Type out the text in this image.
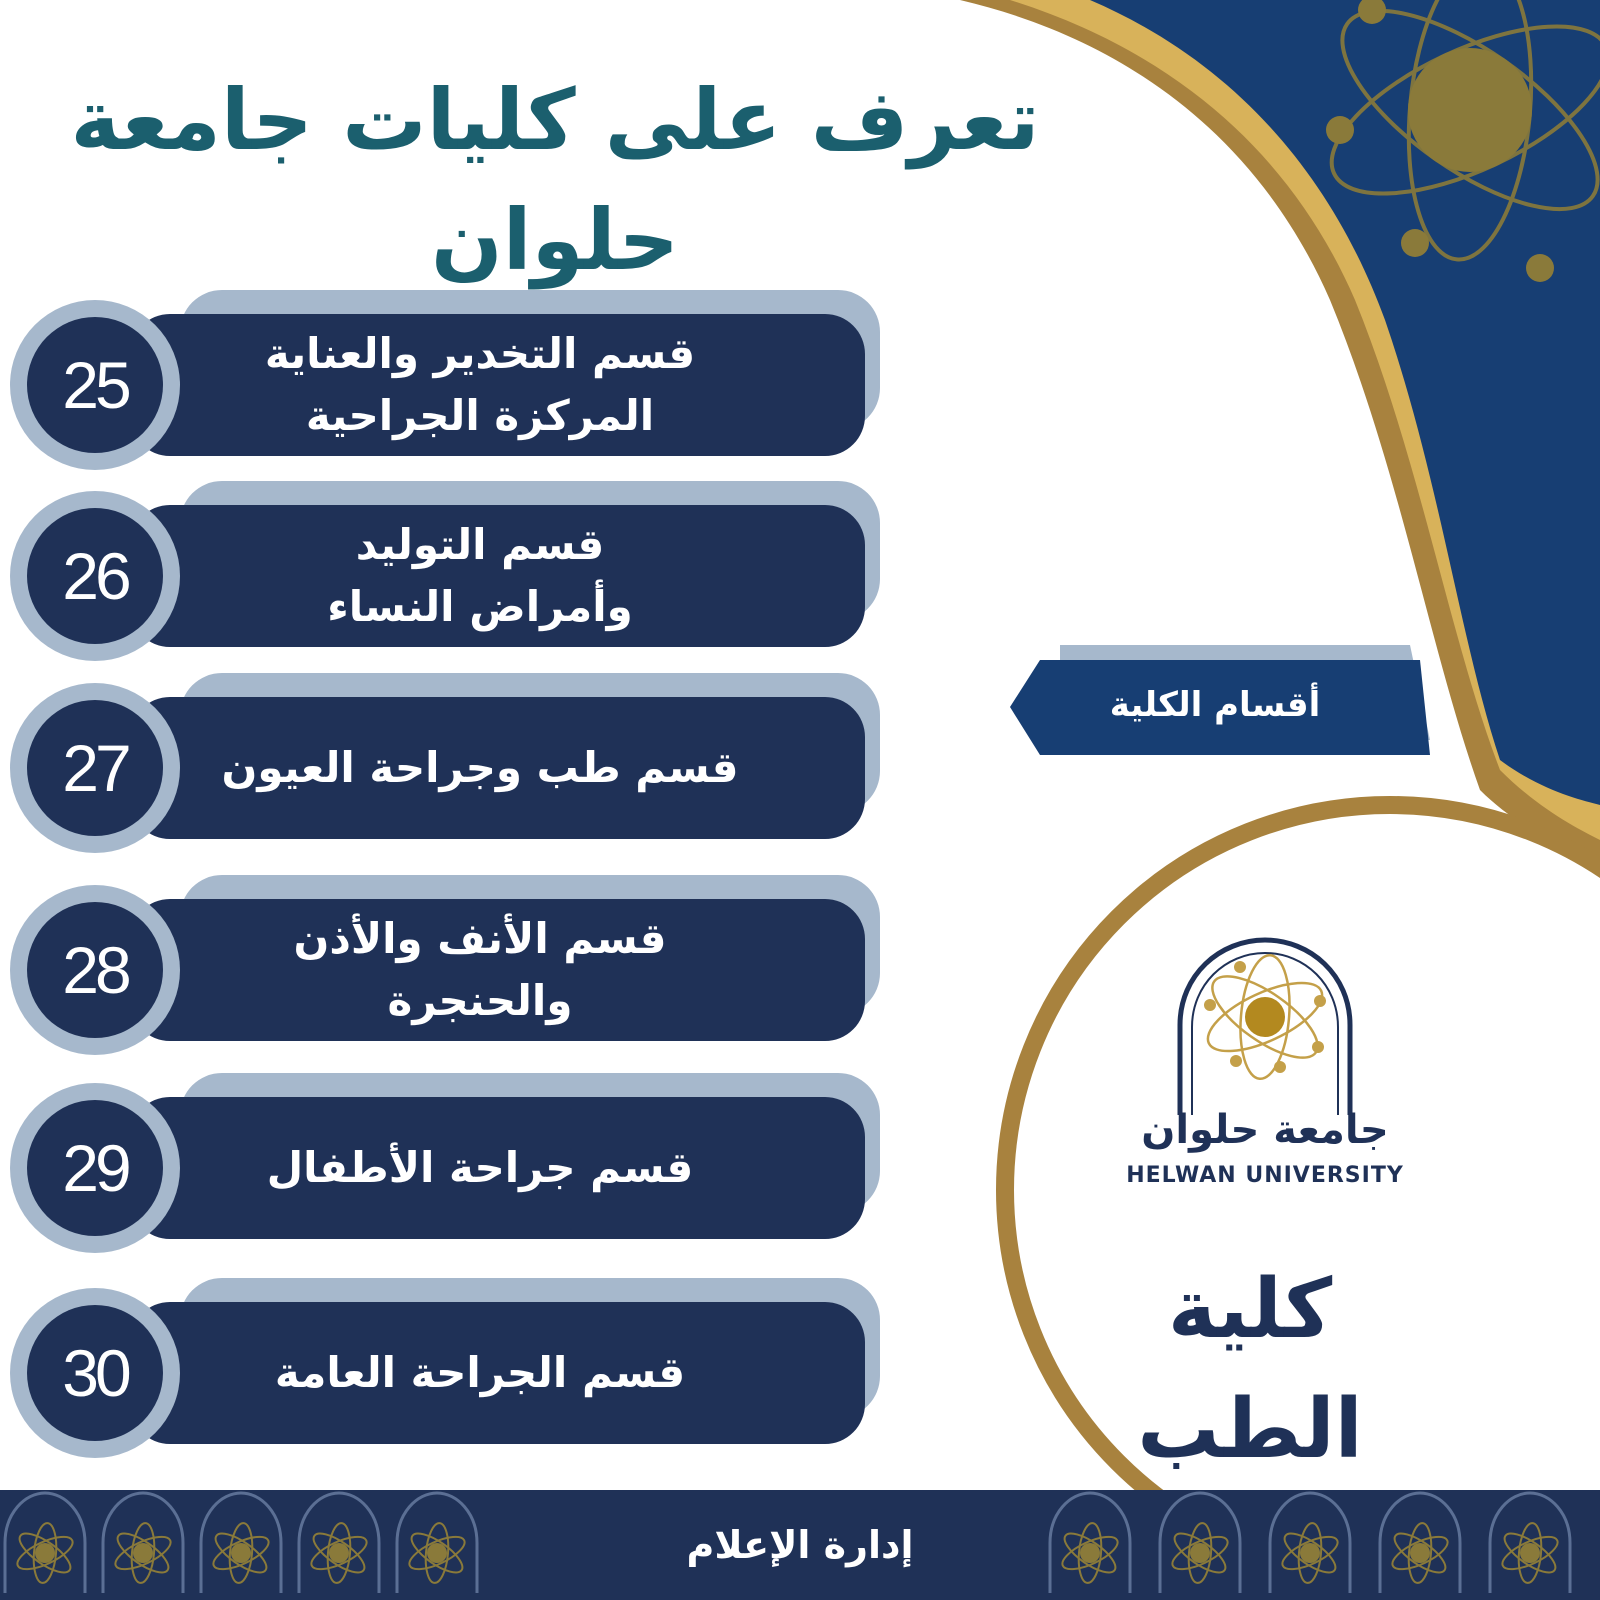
تعرف على كليات جامعة حلوان
أقسام الكلية
قسم التخدير والعناية
المركزة الجراحية
25
قسم التوليد
وأمراض النساء
26
قسم طب وجراحة العيون
27
قسم الأنف والأذن
والحنجرة
28
قسم جراحة الأطفال
29
قسم الجراحة العامة
30
جامعة حلوان
HELWAN UNIVERSITY
كلية الطب
إدارة الإعلام
